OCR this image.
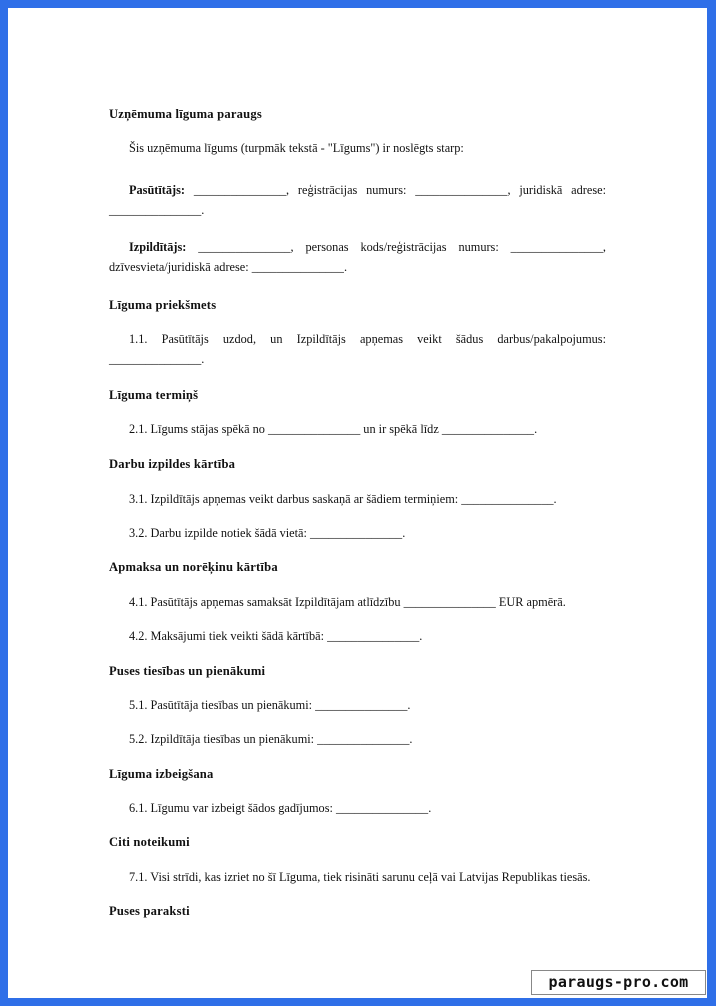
Uzņēmuma līguma paraugs

Šis uzņēmuma līgums (turpmāk tekstā - "Līgums") ir noslēgts starp:

Pasūtītājs: _______________, reģistrācijas numurs: _______________, juridiskā adrese: _______________.

Izpildītājs: _______________, personas kods/reģistrācijas numurs: _______________, dzīvesvieta/juridiskā adrese: _______________.

Līguma priekšmets

1.1. Pasūtītājs uzdod, un Izpildītājs apņemas veikt šādus darbus/pakalpojumus: _______________.

Līguma termiņš

2.1. Līgums stājas spēkā no _______________ un ir spēkā līdz _______________.

Darbu izpildes kārtība

3.1. Izpildītājs apņemas veikt darbus saskaņā ar šādiem termiņiem: _______________.

3.2. Darbu izpilde notiek šādā vietā: _______________.

Apmaksa un norēķinu kārtība

4.1. Pasūtītājs apņemas samaksāt Izpildītājam atlīdzību _______________ EUR apmērā.

4.2. Maksājumi tiek veikti šādā kārtībā: _______________.

Puses tiesības un pienākumi

5.1. Pasūtītāja tiesības un pienākumi: _______________.

5.2. Izpildītāja tiesības un pienākumi: _______________.

Līguma izbeigšana

6.1. Līgumu var izbeigt šādos gadījumos: _______________.

Citi noteikumi

7.1. Visi strīdi, kas izriet no šī Līguma, tiek risināti sarunu ceļā vai Latvijas Republikas tiesās.

Puses paraksti
paraugs-pro.com
